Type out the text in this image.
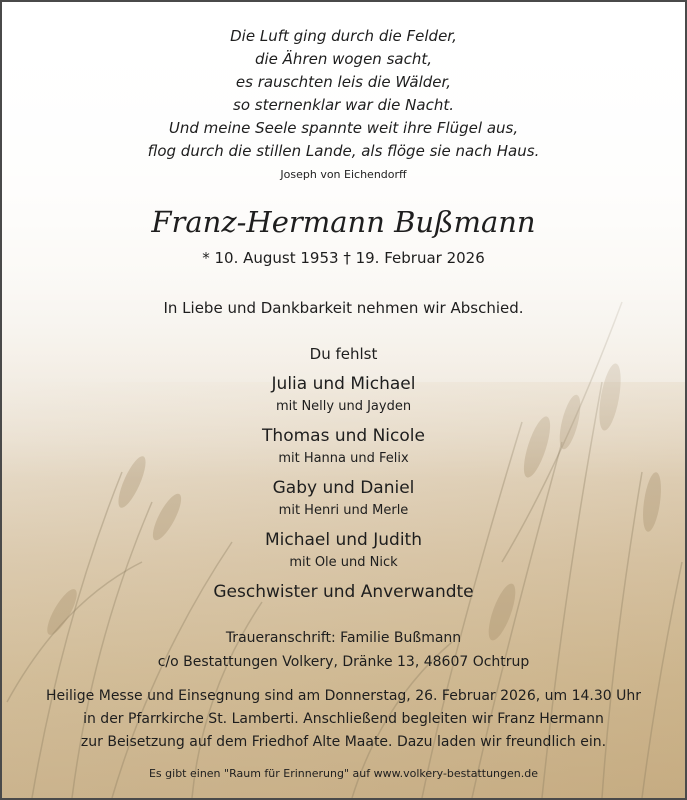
Die Luft ging durch die Felder,
die Ähren wogen sacht,
es rauschten leis die Wälder,
so sternenklar war die Nacht.
Und meine Seele spannte weit ihre Flügel aus,
flog durch die stillen Lande, als flöge sie nach Haus.
Joseph von Eichendorff
Franz-Hermann Bußmann
* 10. August 1953 † 19. Februar 2026
In Liebe und Dankbarkeit nehmen wir Abschied.
Du fehlst
Julia und Michael
mit Nelly und Jayden
Thomas und Nicole
mit Hanna und Felix
Gaby und Daniel
mit Henri und Merle
Michael und Judith
mit Ole und Nick
Geschwister und Anverwandte
Traueranschrift: Familie Bußmann
c/o Bestattungen Volkery, Dränke 13, 48607 Ochtrup
Heilige Messe und Einsegnung sind am Donnerstag, 26. Februar 2026, um 14.30 Uhr
in der Pfarrkirche St. Lamberti. Anschließend begleiten wir Franz Hermann
zur Beisetzung auf dem Friedhof Alte Maate. Dazu laden wir freundlich ein.
Es gibt einen "Raum für Erinnerung" auf www.volkery-bestattungen.de
